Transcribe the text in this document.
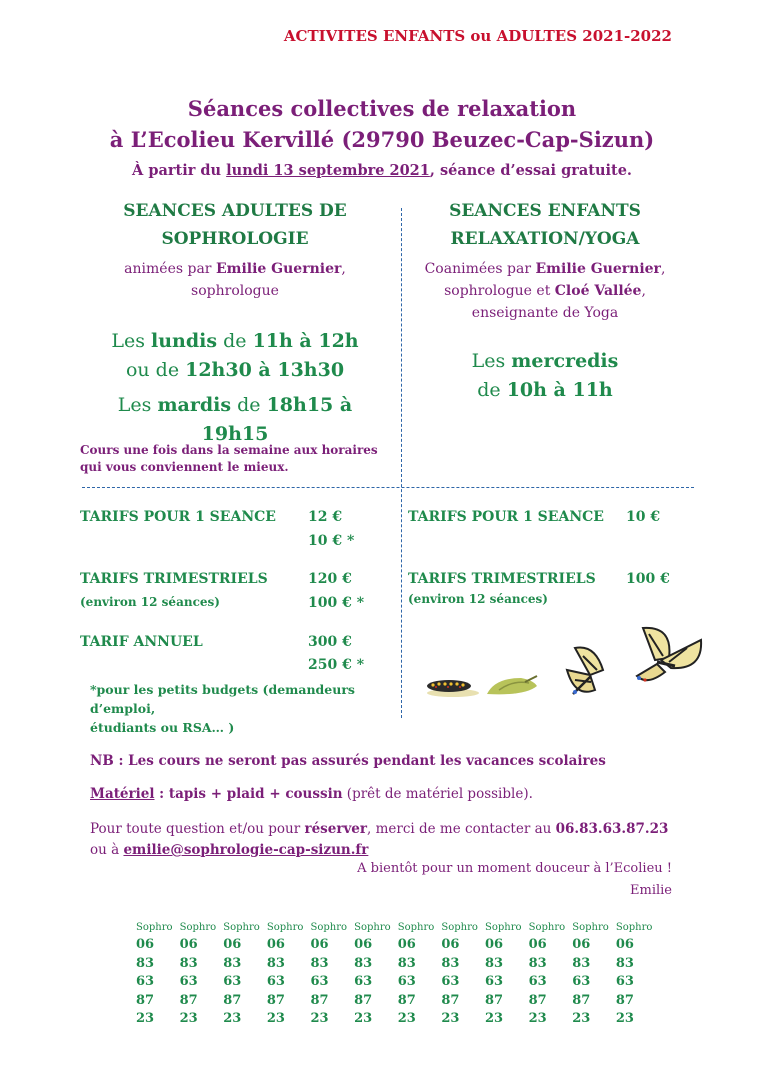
ACTIVITES ENFANTS ou ADULTES 2021-2022
Séances collectives de relaxation
à L’Ecolieu Kervillé (29790 Beuzec-Cap-Sizun)
À partir du lundi 13 septembre 2021, séance d’essai gratuite.
SEANCES ADULTES DE
SOPHROLOGIE
animées par Emilie Guernier,
sophrologue
Les lundis de 11h à 12h
ou de 12h30 à 13h30
Les mardis de 18h15 à
19h15
Cours une fois dans la semaine aux horaires
qui vous conviennent le mieux.
SEANCES ENFANTS
RELAXATION/YOGA
Coanimées par Emilie Guernier,
sophrologue et Cloé Vallée,
enseignante de Yoga
Les mercredis
de 10h à 11h
TARIFS POUR 1 SEANCE 12 €
10 € *
TARIFS TRIMESTRIELS
(environ 12 séances)
120 €
100 € *
TARIF ANNUEL	300 €
250 € *
*pour les petits budgets (demandeurs d’emploi,
étudiants ou RSA… )
TARIFS POUR 1 SEANCE 10 €
TARIFS TRIMESTRIELS
(environ 12 séances)
100 €
NB : Les cours ne seront pas assurés pendant les vacances scolaires
Matériel : tapis + plaid + coussin (prêt de matériel possible).
Pour toute question et/ou pour réserver, merci de me contacter au 06.83.63.87.23
ou à emilie@sophrologie-cap-sizun.fr
A bientôt pour un moment douceur à l’Ecolieu !
Emilie
Sophro
06
83
63
87
23
Sophro
06
83
63
87
23
Sophro
06
83
63
87
23
Sophro
06
83
63
87
23
Sophro
06
83
63
87
23
Sophro
06
83
63
87
23
Sophro
06
83
63
87
23
Sophro
06
83
63
87
23
Sophro
06
83
63
87
23
Sophro
06
83
63
87
23
Sophro
06
83
63
87
23
Sophro
06
83
63
87
23
